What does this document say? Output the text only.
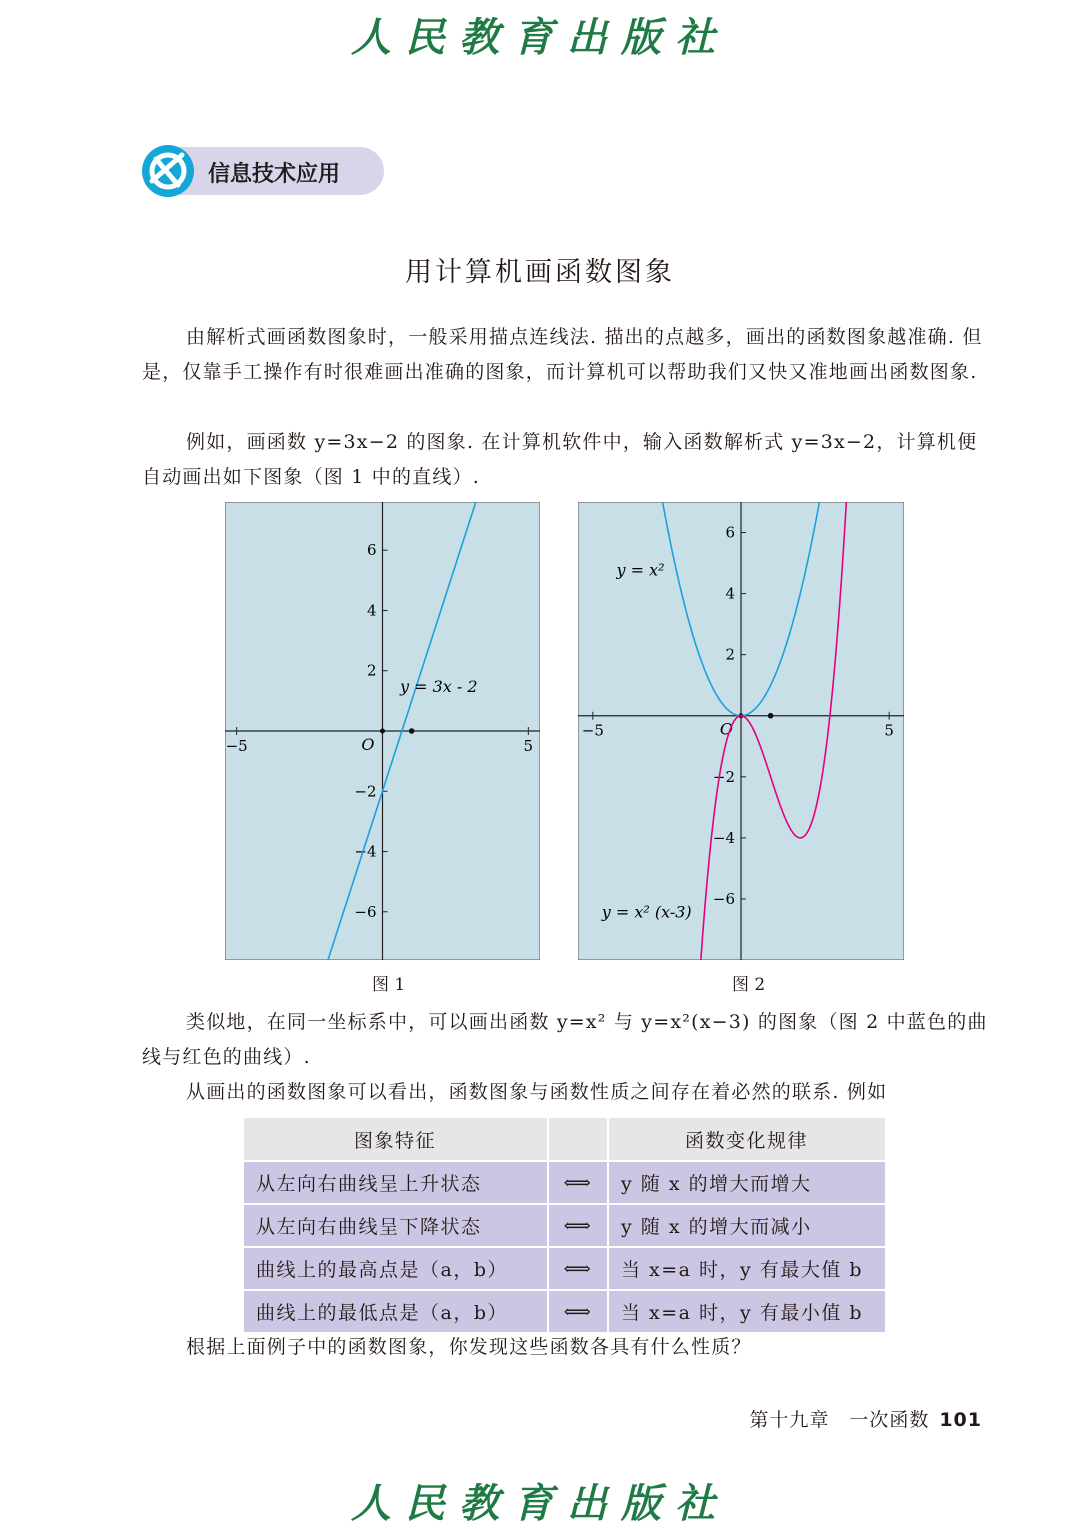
人民教育出版社
信息技术应用
用计算机画函数图象

由解析式画函数图象时，一般采用描点连线法. 描出的点越多，画出的函数图象越准确. 但是，仅靠手工操作有时很难画出准确的图象，而计算机可以帮助我们又快又准地画出函数图象.

例如，画函数 y=3x−2 的图象. 在计算机软件中，输入函数解析式 y=3x−2，计算机便自动画出如下图象（图 1 中的直线）.

−5	5
6
4
2
−2
−4
−6
O
y = 3x - 2
图 1
−5	5
6
4
2
−2
−4
−6
O
y = x²
y = x² (x-3)
图 2

类似地，在同一坐标系中，可以画出函数 y=x² 与 y=x²(x−3) 的图象（图 2 中蓝色的曲线与红色的曲线）.

从画出的函数图象可以看出，函数图象与函数性质之间存在着必然的联系. 例如

图象特征		函数变化规律
从左向右曲线呈上升状态	⟺	y 随 x 的增大而增大
从左向右曲线呈下降状态	⟺	y 随 x 的增大而减小
曲线上的最高点是（a，b）	⟺	当 x=a 时，y 有最大值 b
曲线上的最低点是（a，b）	⟺	当 x=a 时，y 有最小值 b

根据上面例子中的函数图象，你发现这些函数各具有什么性质？

第十九章　一次函数 101
人民教育出版社
